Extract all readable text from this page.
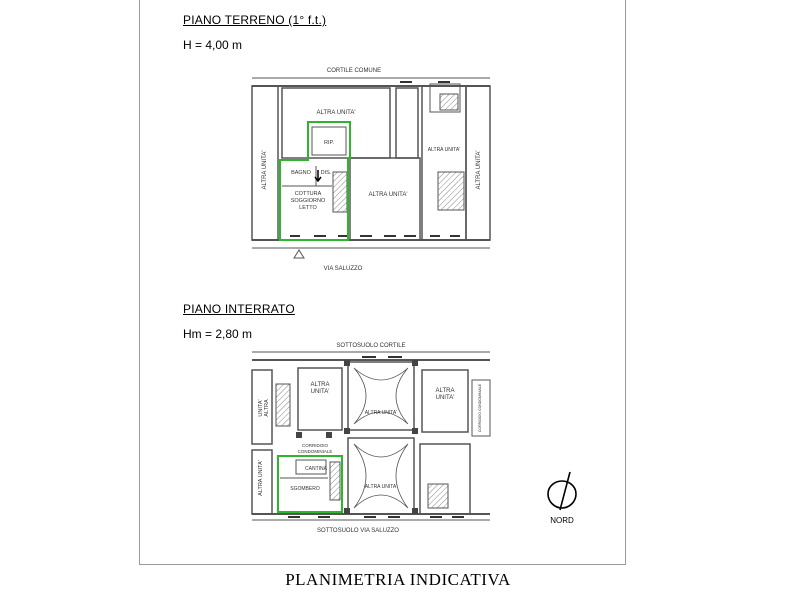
PIANO TERRENO (1° f.t.)
H = 4,00 m
PIANO INTERRATO
Hm = 2,80 m
CORTILE COMUNE
ALTRA UNITA'
RIP.
BAGNO DIS.
COTTURA
SOGGIORNO
LETTO
ALTRA UNITA'
ALTRA UNITA'
ALTRA UNITA'	ALTRA UNITA'
VIA SALUZZO
SOTTOSUOLO CORTILE
ALTRA
UNITA'
ALTRA UNITA'
ALTRA UNITA'
ALTRA
UNITA'
UNITA' ALTRA
ALTRA UNITA'
CORRIDOIO
CONDOMINIALE
CORRIDOIO CONDOMINIALE
CANTINA
SGOMBERO
SOTTOSUOLO VIA SALUZZO
NORD
PLANIMETRIA INDICATIVA
